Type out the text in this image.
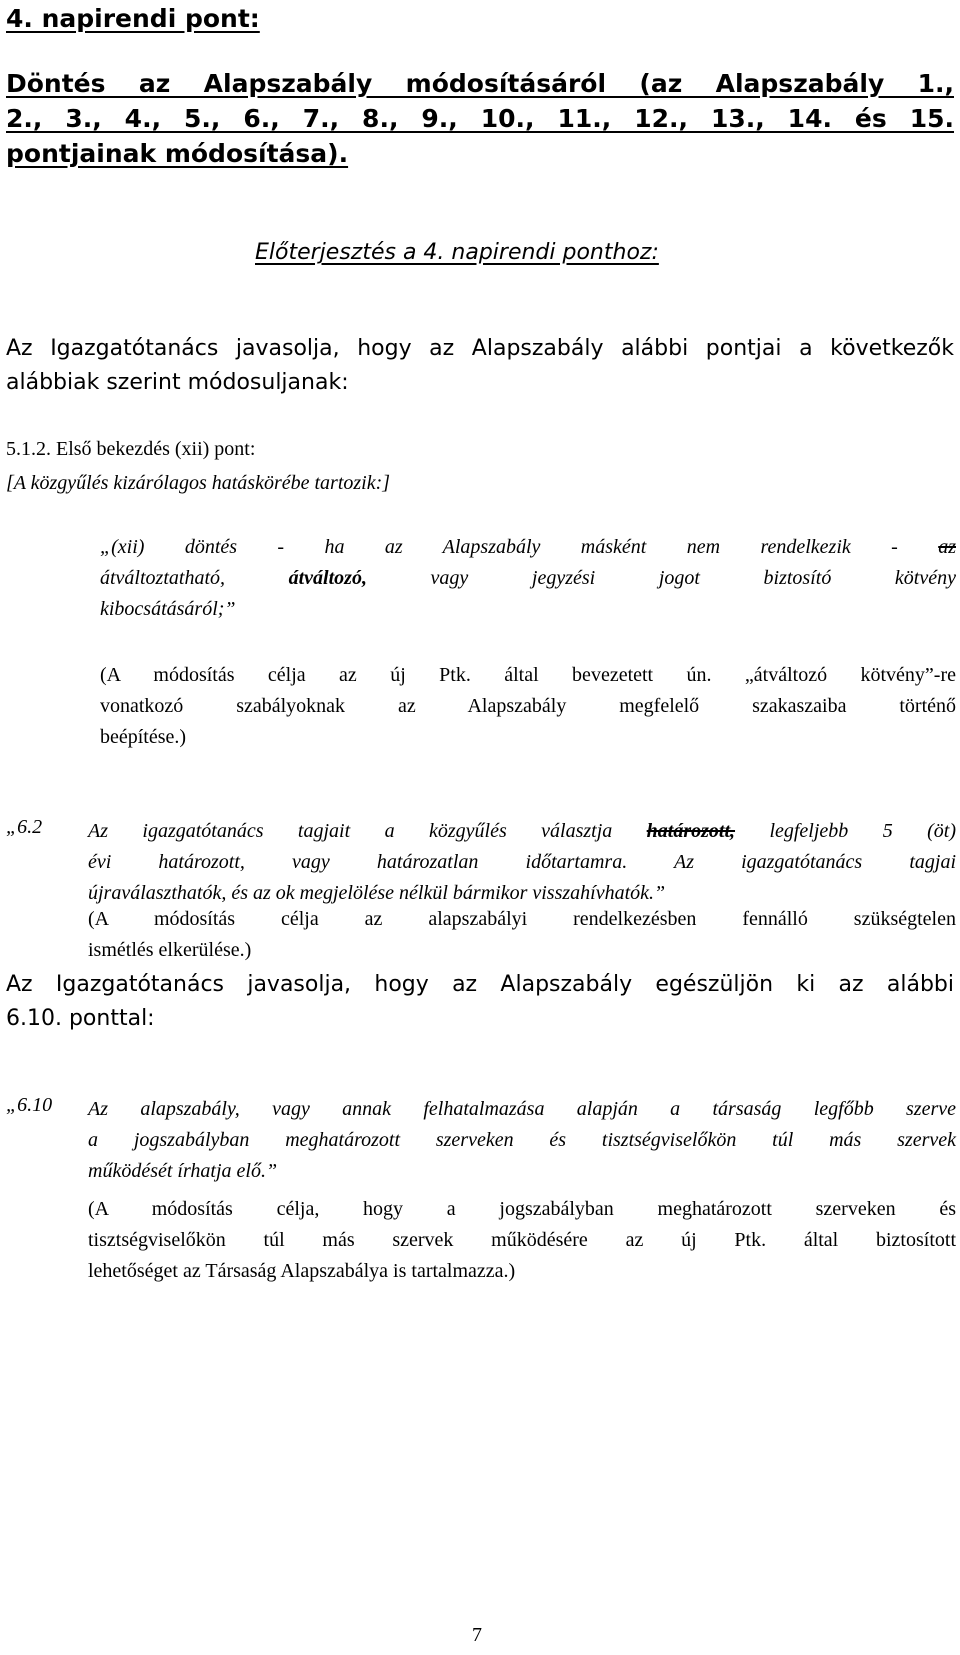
4. napirendi pont:
Döntés az Alapszabály módosításáról (az Alapszabály 1.,
2., 3., 4., 5., 6., 7., 8., 9., 10., 11., 12., 13., 14. és 15.
pontjainak módosítása).
Előterjesztés a 4. napirendi ponthoz:
Az Igazgatótanács javasolja, hogy az Alapszabály alábbi pontjai a következők
alábbiak szerint módosuljanak:
5.1.2. Első bekezdés (xii) pont:
[A közgyűlés kizárólagos hatáskörébe tartozik:]
„(xii) döntés - ha az Alapszabály másként nem rendelkezik - az
átváltoztatható, átváltozó, vagy jegyzési jogot biztosító kötvény
kibocsátásáról;”
(A módosítás célja az új Ptk. által bevezetett ún. „átváltozó kötvény”-re
vonatkozó szabályoknak az Alapszabály megfelelő szakaszaiba történő
beépítése.)
„6.2 Az igazgatótanács tagjait a közgyűlés választja határozott, legfeljebb 5 (öt)
évi határozott, vagy határozatlan időtartamra. Az igazgatótanács tagjai
újraválaszthatók, és az ok megjelölése nélkül bármikor visszahívhatók.”
(A módosítás célja az alapszabályi rendelkezésben fennálló szükségtelen
ismétlés elkerülése.)
Az Igazgatótanács javasolja, hogy az Alapszabály egészüljön ki az alábbi
6.10. ponttal:
„6.10 Az alapszabály, vagy annak felhatalmazása alapján a társaság legfőbb szerve
a jogszabályban meghatározott szerveken és tisztségviselőkön túl más szervek
működését írhatja elő.”
(A módosítás célja, hogy a jogszabályban meghatározott szerveken és
tisztségviselőkön túl más szervek működésére az új Ptk. által biztosított
lehetőséget az Társaság Alapszabálya is tartalmazza.)
7
